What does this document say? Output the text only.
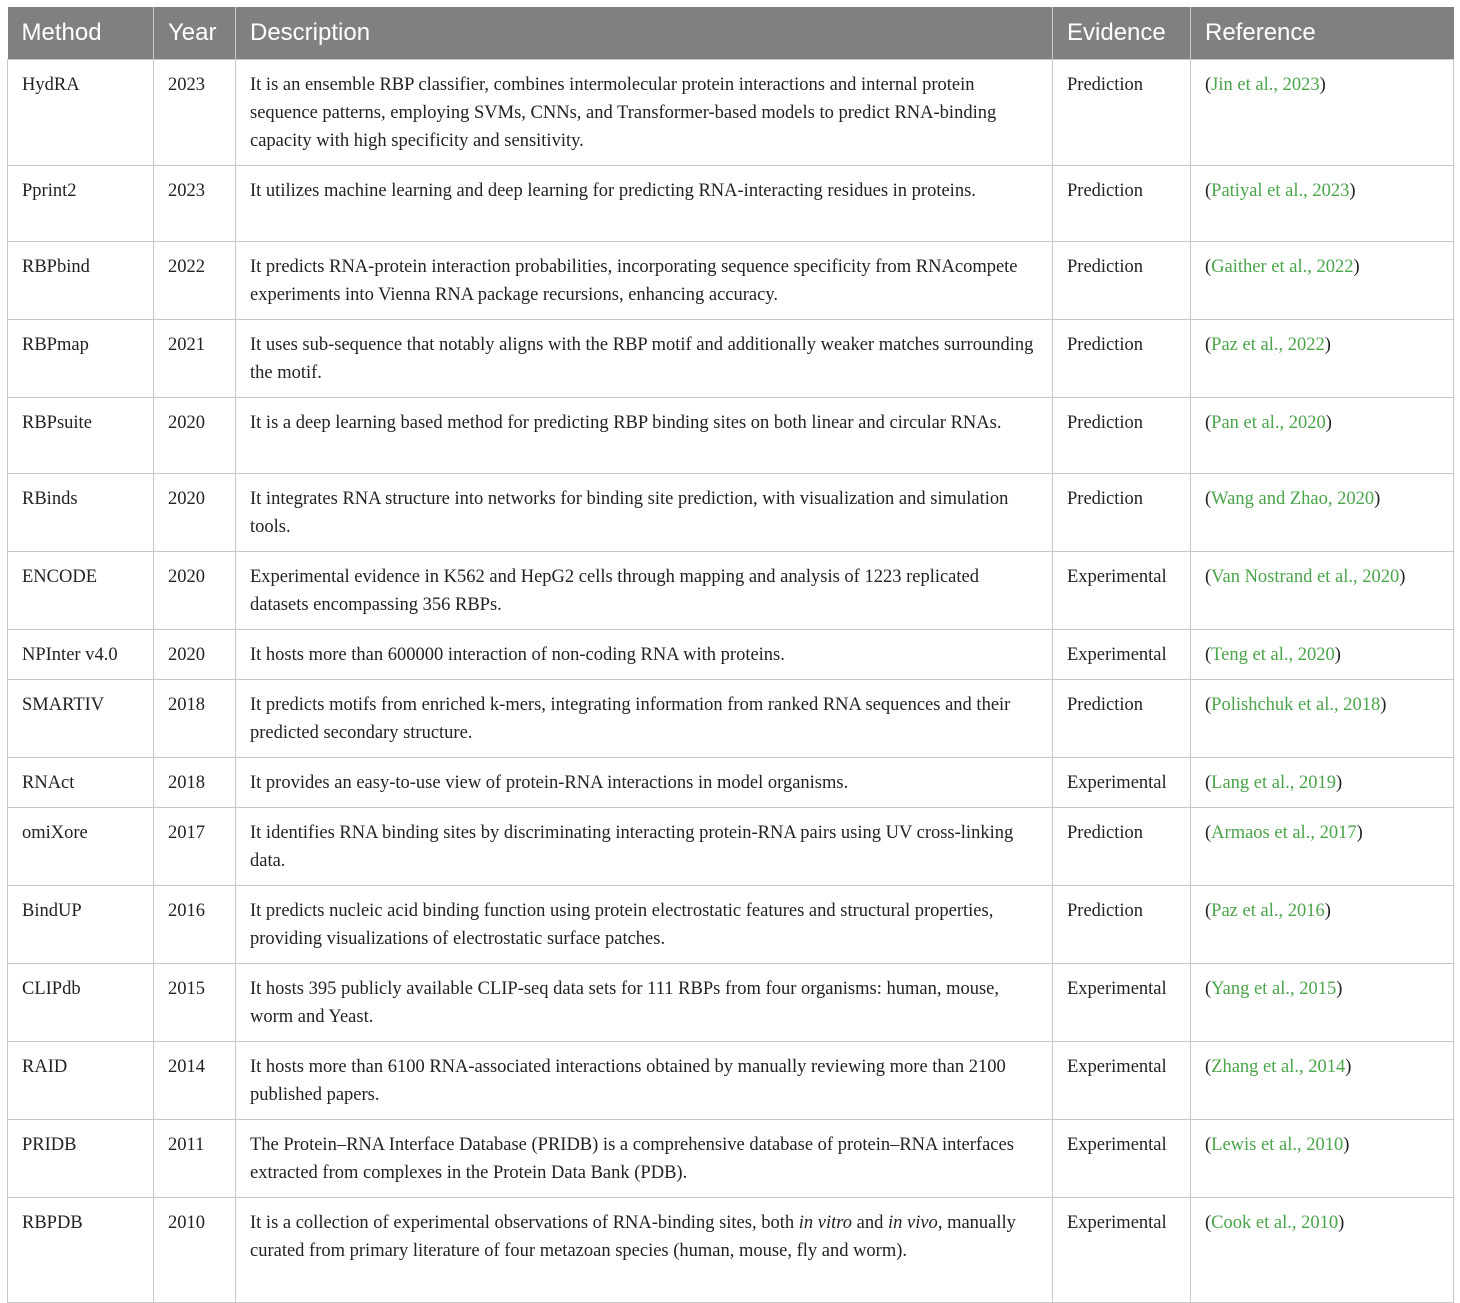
Method	Year	Description	Evidence	Reference
HydRA	2023	It is an ensemble RBP classifier, combines intermolecular protein interactions and internal protein sequence patterns, employing SVMs, CNNs, and Transformer-based models to predict RNA-binding capacity with high specificity and sensitivity.	Prediction	(Jin et al., 2023)
Pprint2	2023	It utilizes machine learning and deep learning for predicting RNA-interacting residues in proteins.	Prediction	(Patiyal et al., 2023)
RBPbind	2022	It predicts RNA-protein interaction probabilities, incorporating sequence specificity from RNAcompete experiments into Vienna RNA package recursions, enhancing accuracy.	Prediction	(Gaither et al., 2022)
RBPmap	2021	It uses sub-sequence that notably aligns with the RBP motif and additionally weaker matches surrounding the motif.	Prediction	(Paz et al., 2022)
RBPsuite	2020	It is a deep learning based method for predicting RBP binding sites on both linear and circular RNAs.	Prediction	(Pan et al., 2020)
RBinds	2020	It integrates RNA structure into networks for binding site prediction, with visualization and simulation tools.	Prediction	(Wang and Zhao, 2020)
ENCODE	2020	Experimental evidence in K562 and HepG2 cells through mapping and analysis of 1223 replicated datasets encompassing 356 RBPs.	Experimental	(Van Nostrand et al., 2020)
NPInter v4.0	2020	It hosts more than 600000 interaction of non-coding RNA with proteins.	Experimental	(Teng et al., 2020)
SMARTIV	2018	It predicts motifs from enriched k-mers, integrating information from ranked RNA sequences and their predicted secondary structure.	Prediction	(Polishchuk et al., 2018)
RNAct	2018	It provides an easy-to-use view of protein-RNA interactions in model organisms.	Experimental	(Lang et al., 2019)
omiXore	2017	It identifies RNA binding sites by discriminating interacting protein-RNA pairs using UV cross-linking data.	Prediction	(Armaos et al., 2017)
BindUP	2016	It predicts nucleic acid binding function using protein electrostatic features and structural properties, providing visualizations of electrostatic surface patches.	Prediction	(Paz et al., 2016)
CLIPdb	2015	It hosts 395 publicly available CLIP-seq data sets for 111 RBPs from four organisms: human, mouse, worm and Yeast.	Experimental	(Yang et al., 2015)
RAID	2014	It hosts more than 6100 RNA-associated interactions obtained by manually reviewing more than 2100 published papers.	Experimental	(Zhang et al., 2014)
PRIDB	2011	The Protein–RNA Interface Database (PRIDB) is a comprehensive database of protein–RNA interfaces extracted from complexes in the Protein Data Bank (PDB).	Experimental	(Lewis et al., 2010)
RBPDB	2010	It is a collection of experimental observations of RNA-binding sites, both in vitro and in vivo, manually curated from primary literature of four metazoan species (human, mouse, fly and worm).	Experimental	(Cook et al., 2010)
